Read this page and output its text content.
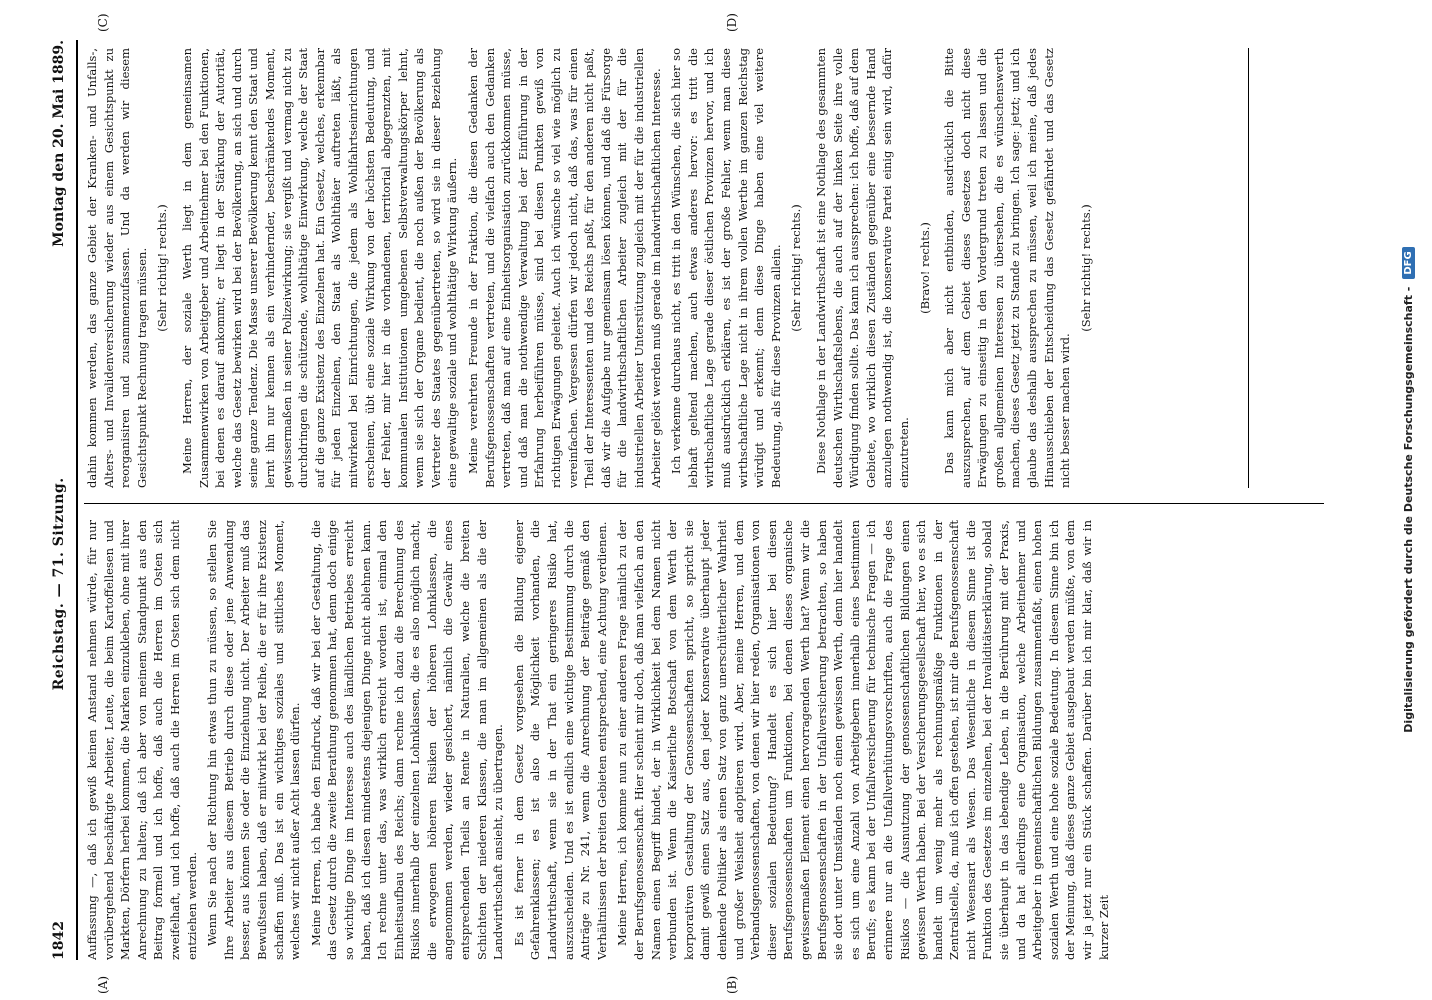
1842
Reichstag. — 71. Sitzung.
Montag den 20. Mai 1889.
(A)	(B)
(C)	(D)

Auffassung —, daß ich gewiß keinen Anstand nehmen würde, für nur vorübergehend beschäftigte Arbeiter, Leute, die beim Kartoffellesen und Markten, Dörfern herbei kommen, die Marken einzukleben, ohne mit ihrer Anrechnung zu halten; daß ich aber von meinem Standpunkt aus den Beitrag formell und ich hoffe, daß auch die Herren im Osten sich zweifelhaft, und ich hoffe, daß auch die Herren im Osten sich dem nicht entziehen werden. Wenn Sie nach der Richtung hin etwas thun zu müssen, so stellen Sie Ihre Arbeiter aus diesem Betrieb durch diese oder jene Anwendung besser, aus können Sie oder die Einziehung nicht. Der Arbeiter muß das Bewußtsein haben, daß er mitwirkt bei der Reihe, die er für ihre Existenz schaffen muß. Das ist ein wichtiges soziales und sittliches Moment, welches wir nicht außer Acht lassen dürfen. Meine Herren, ich habe den Eindruck, daß wir bei der Gestaltung, die das Gesetz durch die zweite Berathung genommen hat, denn doch einige so wichtige Dinge im Interesse auch des ländlichen Betriebes erreicht haben, daß ich diesen mindestens diejenigen Dinge nicht ablehnen kann. Ich rechne unter das, was wirklich erreicht worden ist, einmal den Einheitsaufbau des Reichs; dann rechne ich dazu die Berechnung des Risikos innerhalb der einzelnen Lohnklassen, die es also möglich macht, die erwogenen höheren Risiken der höheren Lohnklassen, die angenommen werden, wieder gesichert, nämlich die Gewähr eines entsprechenden Theils an Rente in Naturalien, welche die breiten Schichten der niederen Klassen, die man im allgemeinen als die der Landwirthschaft ansieht, zu übertragen. Es ist ferner in dem Gesetz vorgesehen die Bildung eigener Gefahrenklassen; es ist also die Möglichkeit vorhanden, die Landwirthschaft, wenn sie in der That ein geringeres Risiko hat, auszuscheiden. Und es ist endlich eine wichtige Bestimmung durch die Anträge zu Nr. 241, wenn die Anrechnung der Beiträge gemäß den Verhältnissen der breiten Gebieten entsprechend, eine Achtung verdienen. Meine Herren, ich komme nun zu einer anderen Frage nämlich zu der der Berufsgenossenschaft. Hier scheint mir doch, daß man vielfach an den Namen einen Begriff bindet, der in Wirklichkeit bei dem Namen nicht verbunden ist. Wenn die Kaiserliche Botschaft von dem Werth der korporativen Gestaltung der Genossenschaften spricht, so spricht sie damit gewiß einen Satz aus, den jeder Konservative überhaupt jeder denkende Politiker als einen Satz von ganz unerschütterlicher Wahrheit und großer Weisheit adoptieren wird. Aber, meine Herren, und dem Verbandsgenossenschaften, von denen wir hier reden, Organisationen von dieser sozialen Bedeutung? Handelt es sich hier bei diesen Berufsgenossenschaften um Funktionen, bei denen dieses organische gewissermaßen Element einen hervorragenden Werth hat? Wenn wir die Berufsgenossenschaften in der Unfallversicherung betrachten, so haben sie dort unter Umständen noch einen gewissen Werth, denn hier handelt es sich um eine Anzahl von Arbeitgebern innerhalb eines bestimmten Berufs; es kann bei der Unfallversicherung für technische Fragen — ich erinnere nur an die Unfallverhütungsvorschriften, auch die Frage des Risikos — die Ausnutzung der genossenschaftlichen Bildungen einen gewissen Werth haben. Bei der Versicherungsgesellschaft hier, wo es sich handelt um wenig mehr als rechnungsmäßige Funktionen in der Zentralstelle, da, muß ich offen gestehen, ist mir die Berufsgenossenschaft nicht Wesensart als Wesen. Das Wesentliche in diesem Sinne ist die Funktion des Gesetzes im einzelnen, bei der Invaliditätserklärung, sobald sie überhaupt in das lebendige Leben, in die Berührung mit der Praxis, und da hat allerdings eine Organisation, welche Arbeitnehmer und Arbeitgeber in gemeinschaftlichen Bildungen zusammenfaßt, einen hohen sozialen Werth und eine hohe soziale Bedeutung. In diesem Sinne bin ich der Meinung, daß dieses ganze Gebiet ausgebaut werden müßte, von dem wir ja jetzt nur ein Stück schaffen. Darüber bin ich mir klar, daß wir in kurzer Zeit

dahin kommen werden, das ganze Gebiet der Kranken- und Unfalls-, Alters- und Invalidenversicherung wieder aus einem Gesichtspunkt zu reorganisiren und zusammenzufassen. Und da werden wir diesem Gesichtspunkt Rechnung tragen müssen. (Sehr richtig! rechts.) Meine Herren, der soziale Werth liegt in dem gemeinsamen Zusammenwirken von Arbeitgeber und Arbeitnehmer bei den Funktionen, bei denen es darauf ankommt; er liegt in der Stärkung der Autorität, welche das Gesetz bewirken wird bei der Bevölkerung, an sich und durch seine ganze Tendenz. Die Masse unserer Bevölkerung kennt den Staat und lernt ihn nur kennen als ein verhindernder, beschränkendes Moment, gewissermaßen in seiner Polizeiwirkung; sie vergißt und vermag nicht zu durchdringen die schützende, wohlthätige Einwirkung, welche der Staat auf die ganze Existenz des Einzelnen hat. Ein Gesetz, welches, erkennbar für jeden Einzelnen, den Staat als Wohlthäter auftreten läßt, als mitwirkend bei Einrichtungen, die jedem als Wohlfahrtseinrichtungen erscheinen, übt eine soziale Wirkung von der höchsten Bedeutung, und der Fehler, mir hier in die vorhandenen, territorial abgegrenzten, mit kommunalen Institutionen umgebenen Selbstverwaltungskörper lehnt, wenn sie sich der Organe bedient, die noch außen der Bevölkerung als Vertreter des Staates gegenübertreten, so wird sie in dieser Beziehung eine gewaltige soziale und wohlthätige Wirkung äußern. Meine verehrten Freunde in der Fraktion, die diesen Gedanken der Berufsgenossenschaften vertreten, und die vielfach auch den Gedanken vertreten, daß man auf eine Einheitsorganisation zurückkommen müsse, und daß man die nothwendige Verwaltung bei der Einführung in der Erfahrung herbeiführen müsse, sind bei diesen Punkten gewiß von richtigen Erwägungen geleitet. Auch ich wünsche so viel wie möglich zu vereinfachen. Vergessen dürfen wir jedoch nicht, daß das, was für einen Theil der Interessenten und des Reichs paßt, für den anderen nicht paßt, daß wir die Aufgabe nur gemeinsam lösen können, und daß die Fürsorge für die landwirthschaftlichen Arbeiter zugleich mit der für die industriellen Arbeiter Unterstützung zugleich mit der für die industriellen Arbeiter gelöst werden muß gerade im landwirthschaftlichen Interesse. Ich verkenne durchaus nicht, es tritt in den Wünschen, die sich hier so lebhaft geltend machen, auch etwas anderes hervor: es tritt die wirthschaftliche Lage gerade dieser östlichen Provinzen hervor, und ich muß ausdrücklich erklären, es ist der große Fehler, wenn man diese wirthschaftliche Lage nicht in ihrem vollen Werthe im ganzen Reichstag würdigt und erkennt; denn diese Dinge haben eine viel weitere Bedeutung, als für diese Provinzen allein. (Sehr richtig! rechts.) Diese Nothlage in der Landwirthschaft ist eine Nothlage des gesammten deutschen Wirthschaftslebens, die auch auf der linken Seite ihre volle Würdigung finden sollte. Das kann ich aussprechen: ich hoffe, daß auf dem Gebiete, wo wirklich diesen Zuständen gegenüber eine bessernde Hand anzulegen nothwendig ist, die konservative Partei einig sein wird, dafür einzutreten.

(Bravo! rechts.) Das kann mich aber nicht entbinden, ausdrücklich die Bitte auszusprechen, auf dem Gebiet dieses Gesetzes doch nicht diese Erwägungen zu einseitig in den Vordergrund treten zu lassen und die großen allgemeinen Interessen zu übersehen, die es wünschenswerth machen, dieses Gesetz jetzt zu Stande zu bringen. Ich sage: jetzt; und ich glaube das deshalb aussprechen zu müssen, weil ich meine, daß jedes Hinausschieben der Entscheidung das Gesetz gefährdet und das Gesetz nicht besser machen wird.

(Sehr richtig! rechts.)

Digitalisierung gefördert durch die Deutsche Forschungsgemeinschaft -
DFG
